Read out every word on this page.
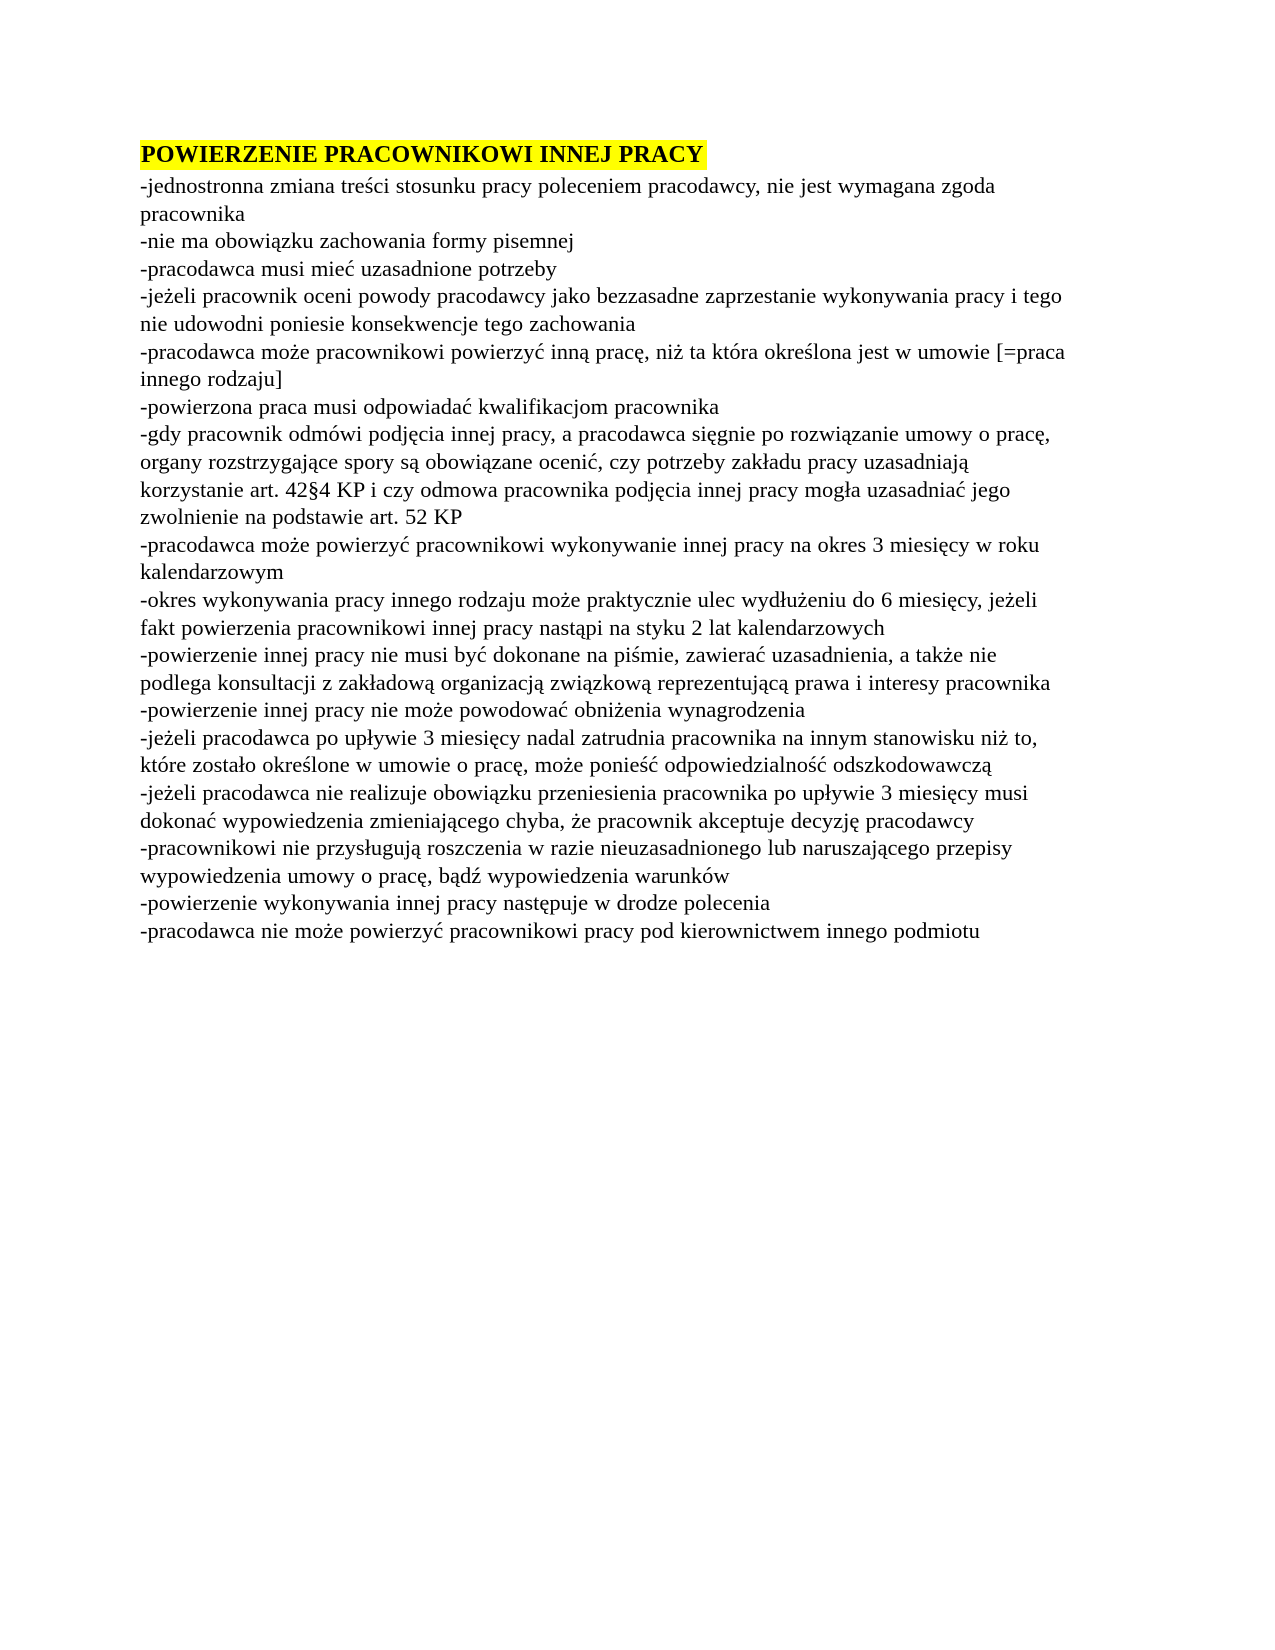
POWIERZENIE PRACOWNIKOWI INNEJ PRACY

-jednostronna zmiana treści stosunku pracy poleceniem pracodawcy, nie jest wymagana zgoda pracownika

-nie ma obowiązku zachowania formy pisemnej

-pracodawca musi mieć uzasadnione potrzeby

-jeżeli pracownik oceni powody pracodawcy jako bezzasadne zaprzestanie wykonywania pracy i tego nie udowodni poniesie konsekwencje tego zachowania

-pracodawca może pracownikowi powierzyć inną pracę, niż ta która określona jest w umowie [=praca innego rodzaju]

-powierzona praca musi odpowiadać kwalifikacjom pracownika

-gdy pracownik odmówi podjęcia innej pracy, a pracodawca sięgnie po rozwiązanie umowy o pracę, organy rozstrzygające spory są obowiązane ocenić, czy potrzeby zakładu pracy uzasadniają korzystanie art. 42§4 KP i czy odmowa pracownika podjęcia innej pracy mogła uzasadniać jego zwolnienie na podstawie art. 52 KP

-pracodawca może powierzyć pracownikowi wykonywanie innej pracy na okres 3 miesięcy w roku kalendarzowym

-okres wykonywania pracy innego rodzaju może praktycznie ulec wydłużeniu do 6 miesięcy, jeżeli fakt powierzenia pracownikowi innej pracy nastąpi na styku 2 lat kalendarzowych

-powierzenie innej pracy nie musi być dokonane na piśmie, zawierać uzasadnienia, a także nie podlega konsultacji z zakładową organizacją związkową reprezentującą prawa i interesy pracownika

-powierzenie innej pracy nie może powodować obniżenia wynagrodzenia

-jeżeli pracodawca po upływie 3 miesięcy nadal zatrudnia pracownika na innym stanowisku niż to, które zostało określone w umowie o pracę, może ponieść odpowiedzialność odszkodowawczą

-jeżeli pracodawca nie realizuje obowiązku przeniesienia pracownika po upływie 3 miesięcy musi dokonać wypowiedzenia zmieniającego chyba, że pracownik akceptuje decyzję pracodawcy

-pracownikowi nie przysługują roszczenia w razie nieuzasadnionego lub naruszającego przepisy wypowiedzenia umowy o pracę, bądź wypowiedzenia warunków

-powierzenie wykonywania innej pracy następuje w drodze polecenia

-pracodawca nie może powierzyć pracownikowi pracy pod kierownictwem innego podmiotu
